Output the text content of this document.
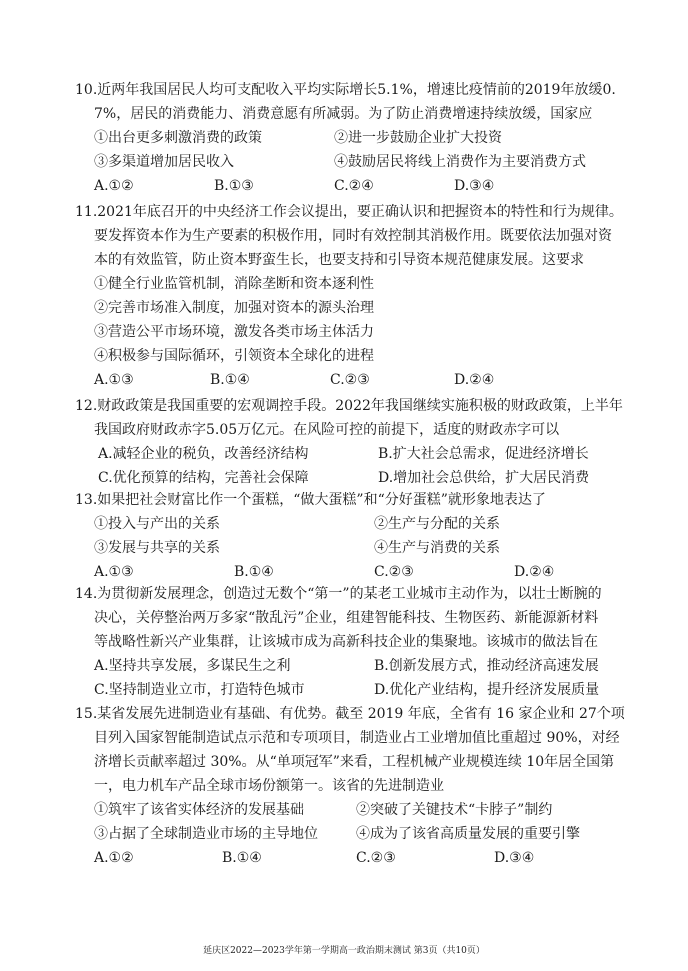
10.近两年我国居民人均可支配收入平均实际增长5.1%，增速比疫情前的2019年放缓0.
7%，居民的消费能力、消费意愿有所减弱。为了防止消费增速持续放缓，国家应
①出台更多刺激消费的政策	②进一步鼓励企业扩大投资
③多渠道增加居民收入	④鼓励居民将线上消费作为主要消费方式
A.①②	B.①③	C.②④	D.③④
11.2021年底召开的中央经济工作会议提出，要正确认识和把握资本的特性和行为规律。
要发挥资本作为生产要素的积极作用，同时有效控制其消极作用。既要依法加强对资
本的有效监管，防止资本野蛮生长，也要支持和引导资本规范健康发展。这要求
①健全行业监管机制，消除垄断和资本逐利性
②完善市场准入制度，加强对资本的源头治理
③营造公平市场环境，激发各类市场主体活力
④积极参与国际循环，引领资本全球化的进程
A.①③	B.①④	C.②③	D.②④
12.财政政策是我国重要的宏观调控手段。2022年我国继续实施积极的财政政策，上半年
我国政府财政赤字5.05万亿元。在风险可控的前提下，适度的财政赤字可以
A.减轻企业的税负，改善经济结构	B.扩大社会总需求，促进经济增长
C.优化预算的结构，完善社会保障	D.增加社会总供给，扩大居民消费
13.如果把社会财富比作一个蛋糕，“做大蛋糕”和“分好蛋糕”就形象地表达了
①投入与产出的关系	②生产与分配的关系
③发展与共享的关系	④生产与消费的关系
A.①③	B.①④	C.②③	D.②④
14.为贯彻新发展理念，创造过无数个“第一”的某老工业城市主动作为，以壮士断腕的
决心，关停整治两万多家“散乱污”企业，组建智能科技、生物医药、新能源新材料
等战略性新兴产业集群，让该城市成为高新科技企业的集聚地。该城市的做法旨在
A.坚持共享发展，多谋民生之利	B.创新发展方式，推动经济高速发展
C.坚持制造业立市，打造特色城市	D.优化产业结构，提升经济发展质量
15.某省发展先进制造业有基础、有优势。截至 2019 年底，全省有 16 家企业和 27个项
目列入国家智能制造试点示范和专项项目，制造业占工业增加值比重超过 90%，对经
济增长贡献率超过 30%。从“单项冠军”来看，工程机械产业规模连续 10年居全国第
一，电力机车产品全球市场份额第一。该省的先进制造业
①筑牢了该省实体经济的发展基础	②突破了关键技术“卡脖子”制约
③占据了全球制造业市场的主导地位	④成为了该省高质量发展的重要引擎
A.①②	B.①④	C.②③	D.③④
延庆区2022—2023学年第一学期高一政治期末测试 第3页（共10页）
